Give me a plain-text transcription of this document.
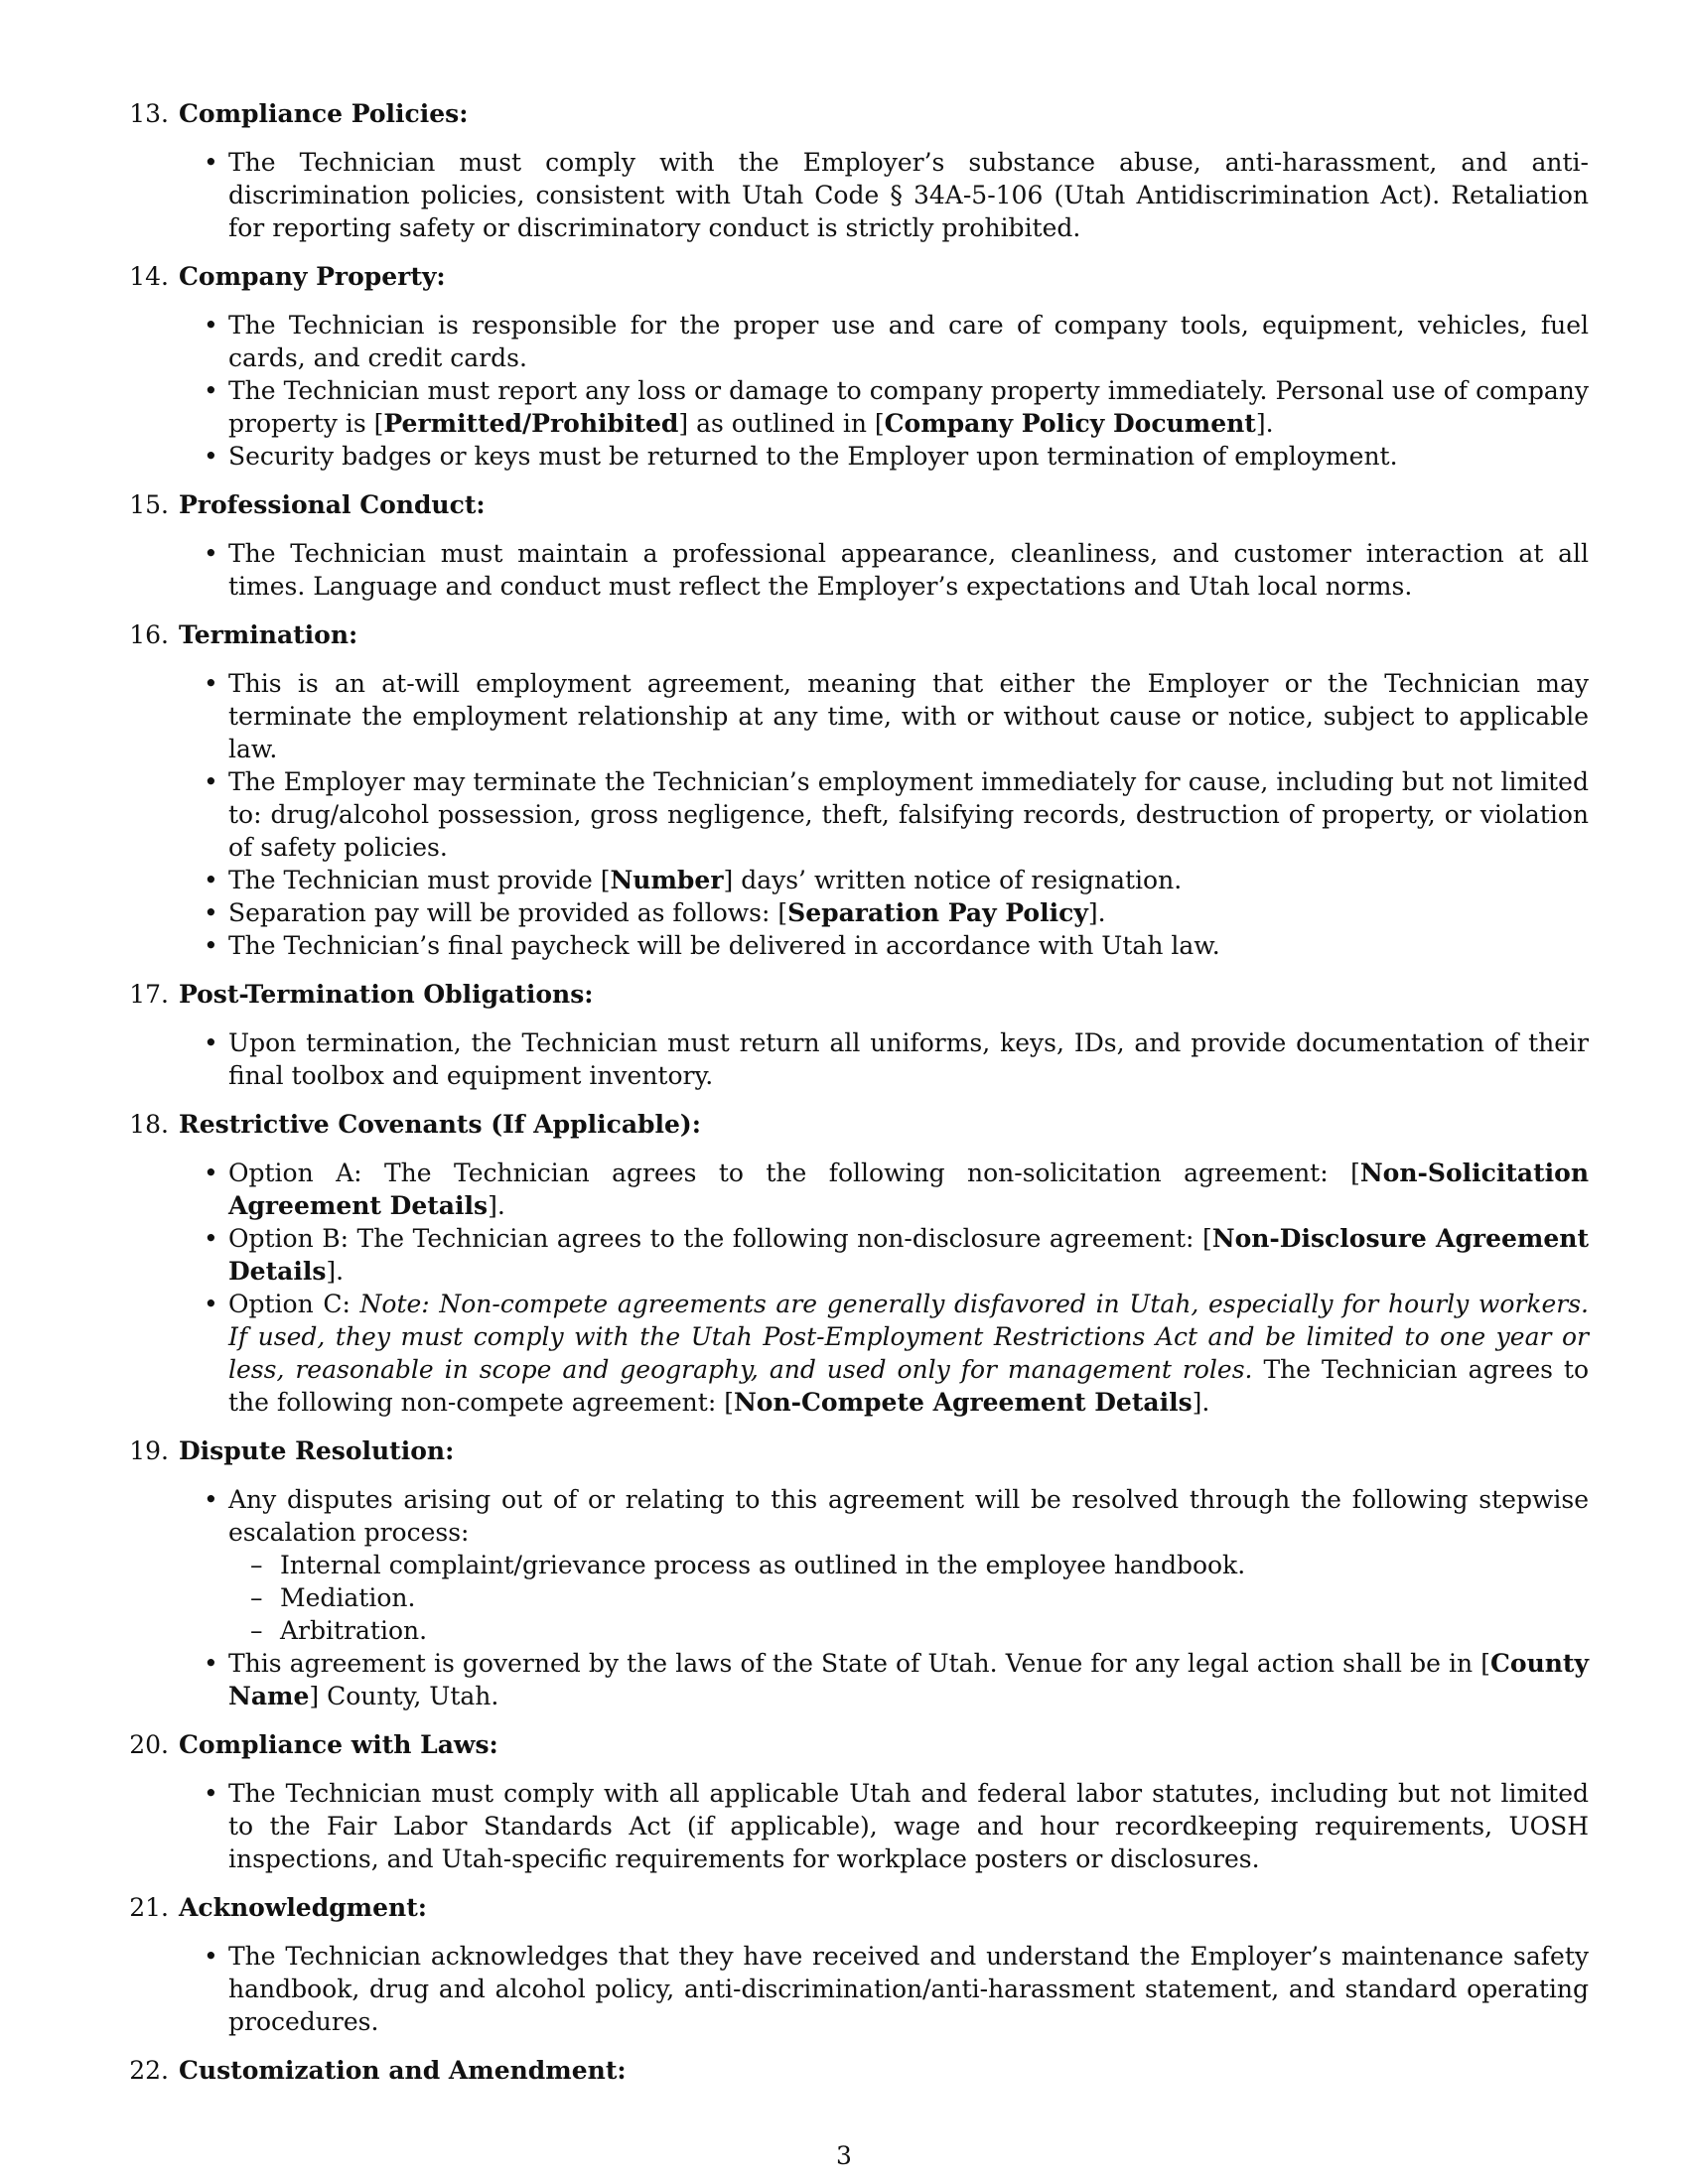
13. Compliance Policies:
• The Technician must comply with the Employer’s substance abuse, anti-harassment, and anti-discrimination policies, consistent with Utah Code § 34A-5-106 (Utah Antidiscrimination Act). Retaliation for reporting safety or discriminatory conduct is strictly prohibited.
14. Company Property:
• The Technician is responsible for the proper use and care of company tools, equipment, vehicles, fuel cards, and credit cards.
• The Technician must report any loss or damage to company property immediately. Personal use of company property is [Permitted/Prohibited] as outlined in [Company Policy Document].
• Security badges or keys must be returned to the Employer upon termination of employment.
15. Professional Conduct:
• The Technician must maintain a professional appearance, cleanliness, and customer interaction at all times. Language and conduct must reflect the Employer’s expectations and Utah local norms.
16. Termination:
• This is an at-will employment agreement, meaning that either the Employer or the Technician may terminate the employment relationship at any time, with or without cause or notice, subject to applicable law.
• The Employer may terminate the Technician’s employment immediately for cause, including but not limited to: drug/alcohol possession, gross negligence, theft, falsifying records, destruction of property, or violation of safety policies.
• The Technician must provide [Number] days’ written notice of resignation.
• Separation pay will be provided as follows: [Separation Pay Policy].
• The Technician’s final paycheck will be delivered in accordance with Utah law.
17. Post-Termination Obligations:
• Upon termination, the Technician must return all uniforms, keys, IDs, and provide documentation of their final toolbox and equipment inventory.
18. Restrictive Covenants (If Applicable):
• Option A: The Technician agrees to the following non-solicitation agreement: [Non-Solicitation Agreement Details].
• Option B: The Technician agrees to the following non-disclosure agreement: [Non-Disclosure Agreement Details].
• Option C: Note: Non-compete agreements are generally disfavored in Utah, especially for hourly workers. If used, they must comply with the Utah Post-Employment Restrictions Act and be limited to one year or less, reasonable in scope and geography, and used only for management roles. The Technician agrees to the following non-compete agreement: [Non-Compete Agreement Details].
19. Dispute Resolution:
• Any disputes arising out of or relating to this agreement will be resolved through the following stepwise escalation process:
– Internal complaint/grievance process as outlined in the employee handbook.
– Mediation.
– Arbitration.
• This agreement is governed by the laws of the State of Utah. Venue for any legal action shall be in [County Name] County, Utah.
20. Compliance with Laws:
• The Technician must comply with all applicable Utah and federal labor statutes, including but not limited to the Fair Labor Standards Act (if applicable), wage and hour recordkeeping requirements, UOSH inspections, and Utah-specific requirements for workplace posters or disclosures.
21. Acknowledgment:
• The Technician acknowledges that they have received and understand the Employer’s maintenance safety handbook, drug and alcohol policy, anti-discrimination/anti-harassment statement, and standard operating procedures.
22. Customization and Amendment:
3
